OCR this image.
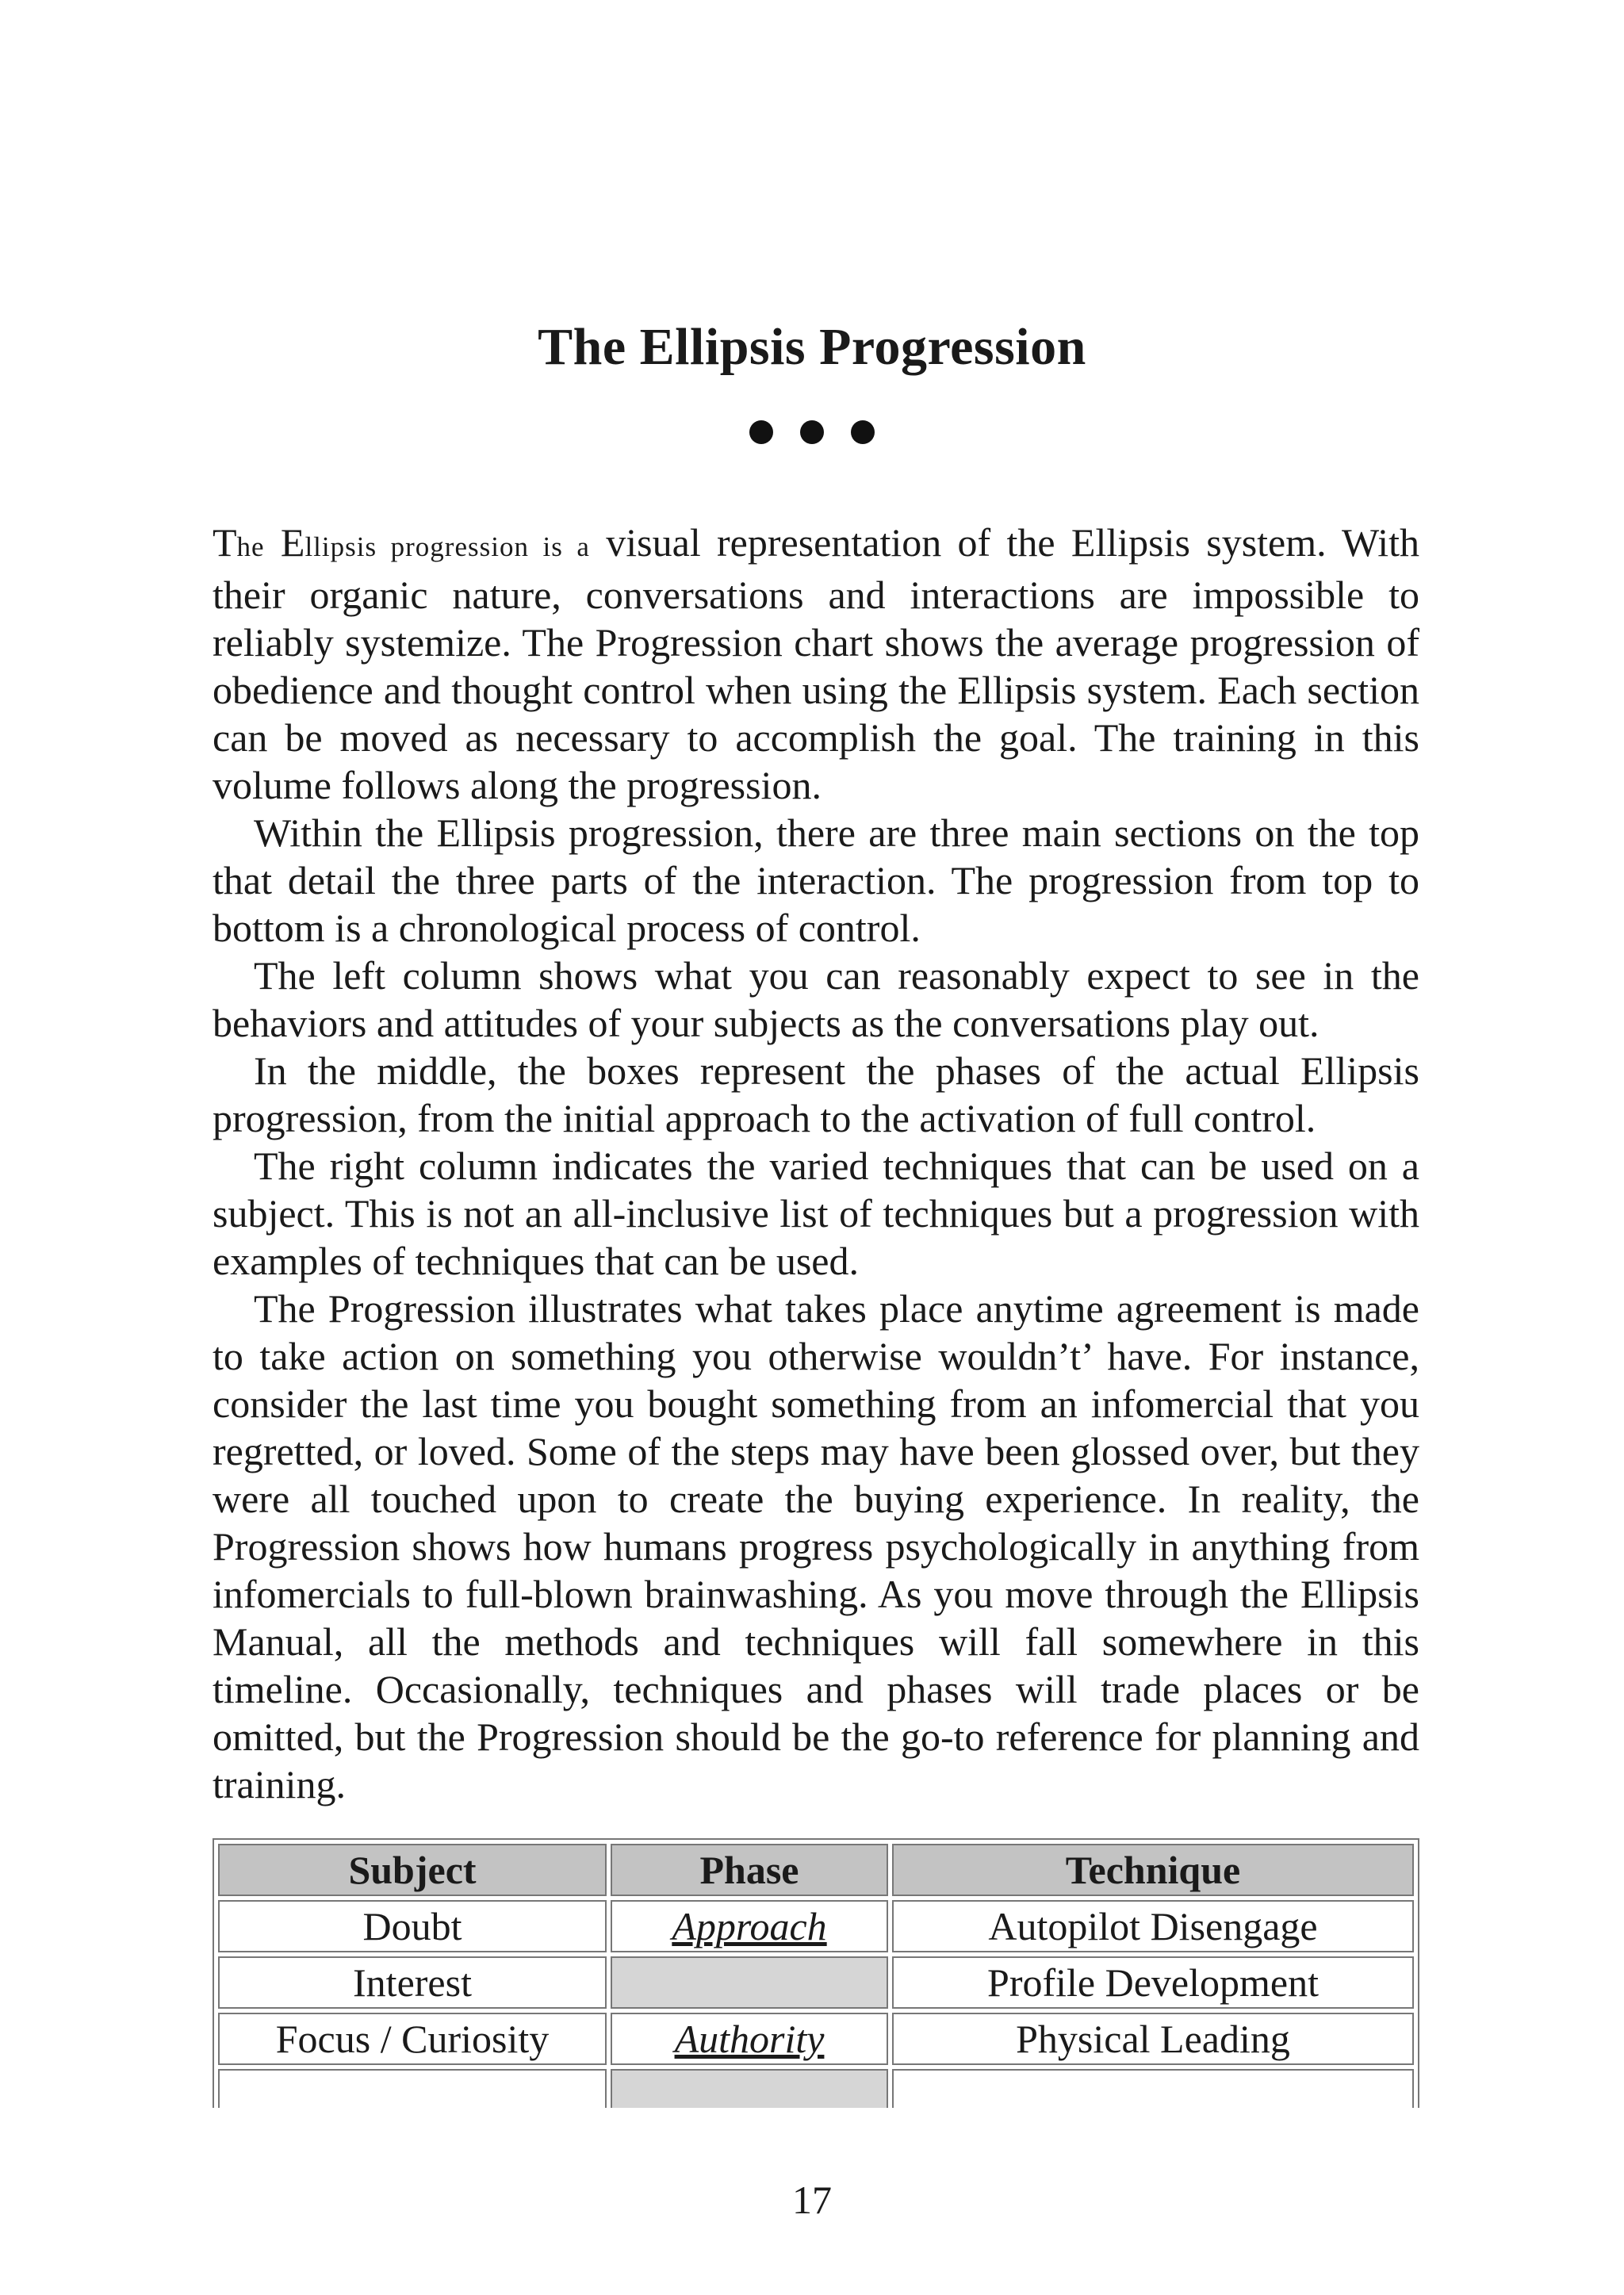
The Ellipsis Progression

The Ellipsis progression is a visual representation of the Ellipsis system. With their organic nature, conversations and interactions are impossible to reliably systemize. The Progression chart shows the average progression of obedience and thought control when using the Ellipsis system. Each section can be moved as necessary to accomplish the goal. The training in this volume follows along the progression.

Within the Ellipsis progression, there are three main sections on the top that detail the three parts of the interaction. The progression from top to bottom is a chronological process of control.

The left column shows what you can reasonably expect to see in the behaviors and attitudes of your subjects as the conversations play out.

In the middle, the boxes represent the phases of the actual Ellipsis progression, from the initial approach to the activation of full control.

The right column indicates the varied techniques that can be used on a subject. This is not an all-inclusive list of techniques but a progression with examples of techniques that can be used.

The Progression illustrates what takes place anytime agreement is made to take action on something you otherwise wouldn’t’ have. For instance, consider the last time you bought something from an infomercial that you regretted, or loved. Some of the steps may have been glossed over, but they were all touched upon to create the buying experience. In reality, the Progression shows how humans progress psychologically in anything from infomercials to full-blown brainwashing. As you move through the Ellipsis Manual, all the methods and techniques will fall somewhere in this timeline. Occasionally, techniques and phases will trade places or be omitted, but the Progression should be the go-to reference for planning and training.

Subject	Phase	Technique
Doubt	Approach	Autopilot Disengage
Interest		Profile Development
Focus / Curiosity	Authority	Physical Leading

17
